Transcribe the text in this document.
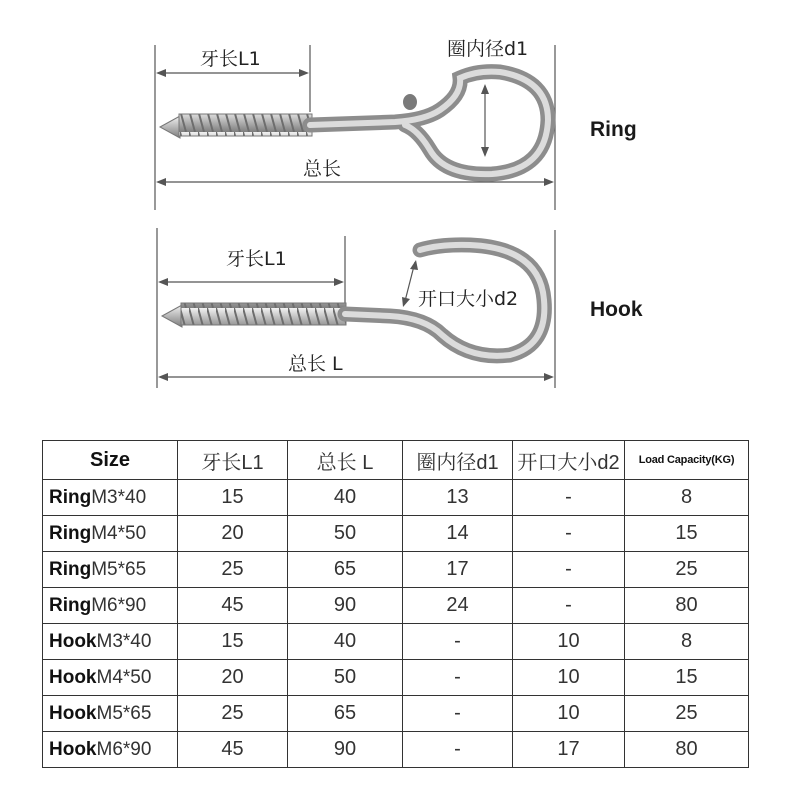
牙长L1	圈内径d1
总长
Ring
牙长L1
开口大小d2
总长 L
Hook
Size	牙长L1	总长 L	圈内径d1	开口大小d2	Load Capacity(KG)
RingM3*40	15	40	13	-	8
RingM4*50	20	50	14	-	15
RingM5*65	25	65	17	-	25
RingM6*90	45	90	24	-	80
HookM3*40	15	40	-	10	8
HookM4*50	20	50	-	10	15
HookM5*65	25	65	-	10	25
HookM6*90	45	90	-	17	80
